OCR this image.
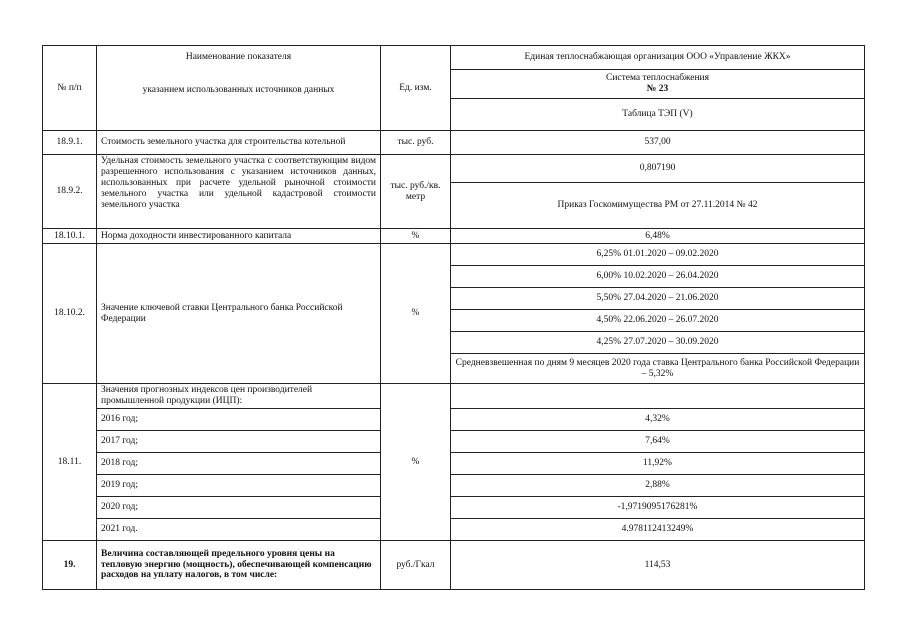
№ п/п	Наименование показателя
указанием использованных источников данных	Ед. изм.	Единая теплоснабжающая организация ООО «Управление ЖКХ»

			Система теплоснабжения
№ 23

			Таблица ТЭП (V)
18.9.1.	Стоимость земельного участка для строительства котельной	тыс. руб.	537,00
18.9.2.	Удельная стоимость земельного участка с соответствующим видом разрешенного использования с указанием источников данных, использованных при расчете удельной рыночной стоимости земельного участка или удельной кадастровой стоимости земельного участка	тыс. руб./кв. метр	0,807190
			Приказ Госкомимущества РМ от 27.11.2014 № 42
18.10.1.	Норма доходности инвестированного капитала	%	6,48%
18.10.2.	Значение ключевой ставки Центрального банка Российской Федерации	%	6,25% 01.01.2020 – 09.02.2020
			6,00% 10.02.2020 – 26.04.2020
			5,50% 27.04.2020 – 21.06.2020
			4,50% 22.06.2020 – 26.07.2020
			4,25% 27.07.2020 – 30.09.2020
			Средневзвешенная по дням 9 месяцев 2020 года ставка Центрального банка Российской Федерации – 5,32%
18.11.	Значения прогнозных индексов цен производителей промышленной продукции (ИЦП):	%	
	2016 год;		4,32%
	2017 год;		7,64%
	2018 год;		11,92%
	2019 год;		2,88%
	2020 год;		-1,9719095176281%
	2021 год.		4.978112413249%
19.	Величина составляющей предельного уровня цены на тепловую энергию (мощность), обеспечивающей компенсацию расходов на уплату налогов, в том числе:	руб./Гкал	114,53
